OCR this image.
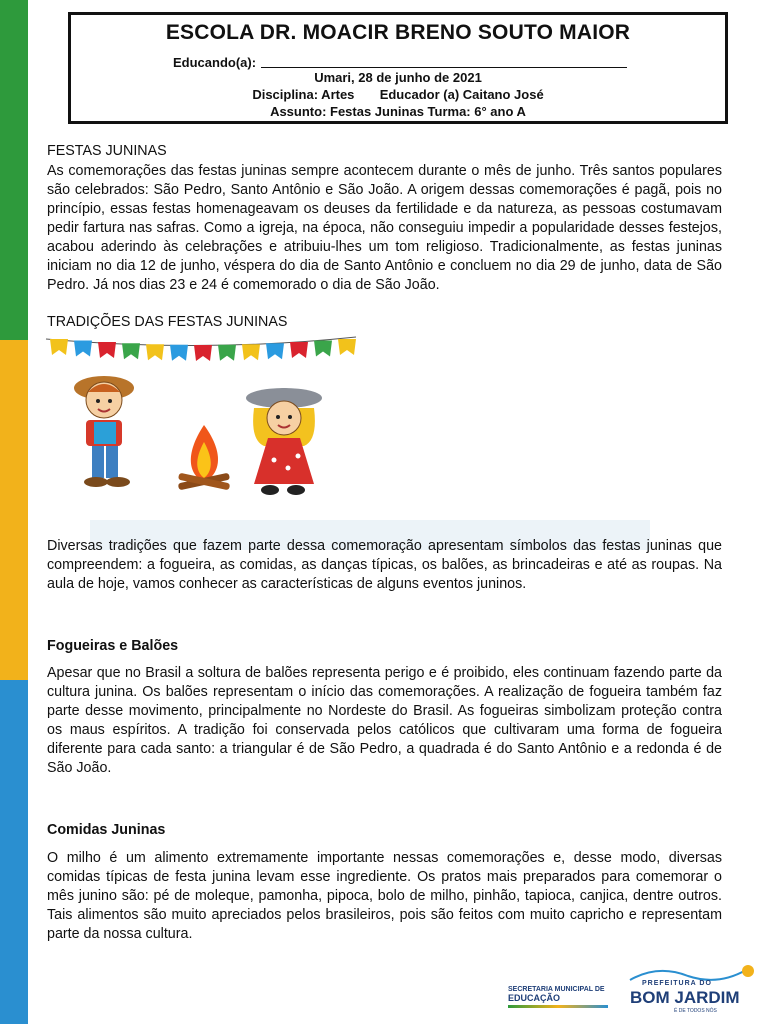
ESCOLA DR. MOACIR BRENO SOUTO MAIOR
Educando(a):
Umari, 28 de junho de 2021
Disciplina: Artes       Educador (a) Caitano José
Assunto: Festas Juninas Turma: 6° ano A

FESTAS JUNINAS

As comemorações das festas juninas sempre acontecem durante o mês de junho. Três santos populares são celebrados: São Pedro, Santo Antônio e São João. A origem dessas comemorações é pagã, pois no princípio, essas festas homenageavam os deuses da fertilidade e da natureza, as pessoas costumavam pedir fartura nas safras. Como a igreja, na época, não conseguiu impedir a popularidade desses festejos, acabou aderindo às celebrações e atribuiu-lhes um tom religioso. Tradicionalmente, as festas juninas iniciam no dia 12 de junho, véspera do dia de Santo Antônio e concluem no dia 29 de junho, data de São Pedro. Já nos dias 23 e 24 é comemorado o dia de São João.

TRADIÇÕES DAS FESTAS JUNINAS

Diversas tradições que fazem parte dessa comemoração apresentam símbolos das festas juninas que compreendem: a fogueira, as comidas, as danças típicas, os balões, as brincadeiras e até as roupas. Na aula de hoje, vamos conhecer as características de alguns eventos juninos.

Fogueiras e Balões

Apesar que no Brasil a soltura de balões representa perigo e é proibido, eles continuam fazendo parte da cultura junina. Os balões representam o início das comemorações. A realização de fogueira também faz parte desse movimento, principalmente no Nordeste do Brasil. As fogueiras simbolizam proteção contra os maus espíritos. A tradição foi conservada pelos católicos que cultivaram uma forma de fogueira diferente para cada santo: a triangular é de São Pedro, a quadrada é do Santo Antônio e a redonda é de São João.

Comidas Juninas

O milho é um alimento extremamente importante nessas comemorações e, desse modo, diversas comidas típicas de festa junina levam esse ingrediente. Os pratos mais preparados para comemorar o mês junino são: pé de moleque, pamonha, pipoca, bolo de milho, pinhão, tapioca, canjica, dentre outros. Tais alimentos são muito apreciados pelos brasileiros, pois são feitos com muito capricho e representam parte da nossa cultura.

SECRETARIA MUNICIPAL DE
EDUCAÇÃO
PREFEITURA DO
BOM JARDIM
É DE TODOS NÓS
